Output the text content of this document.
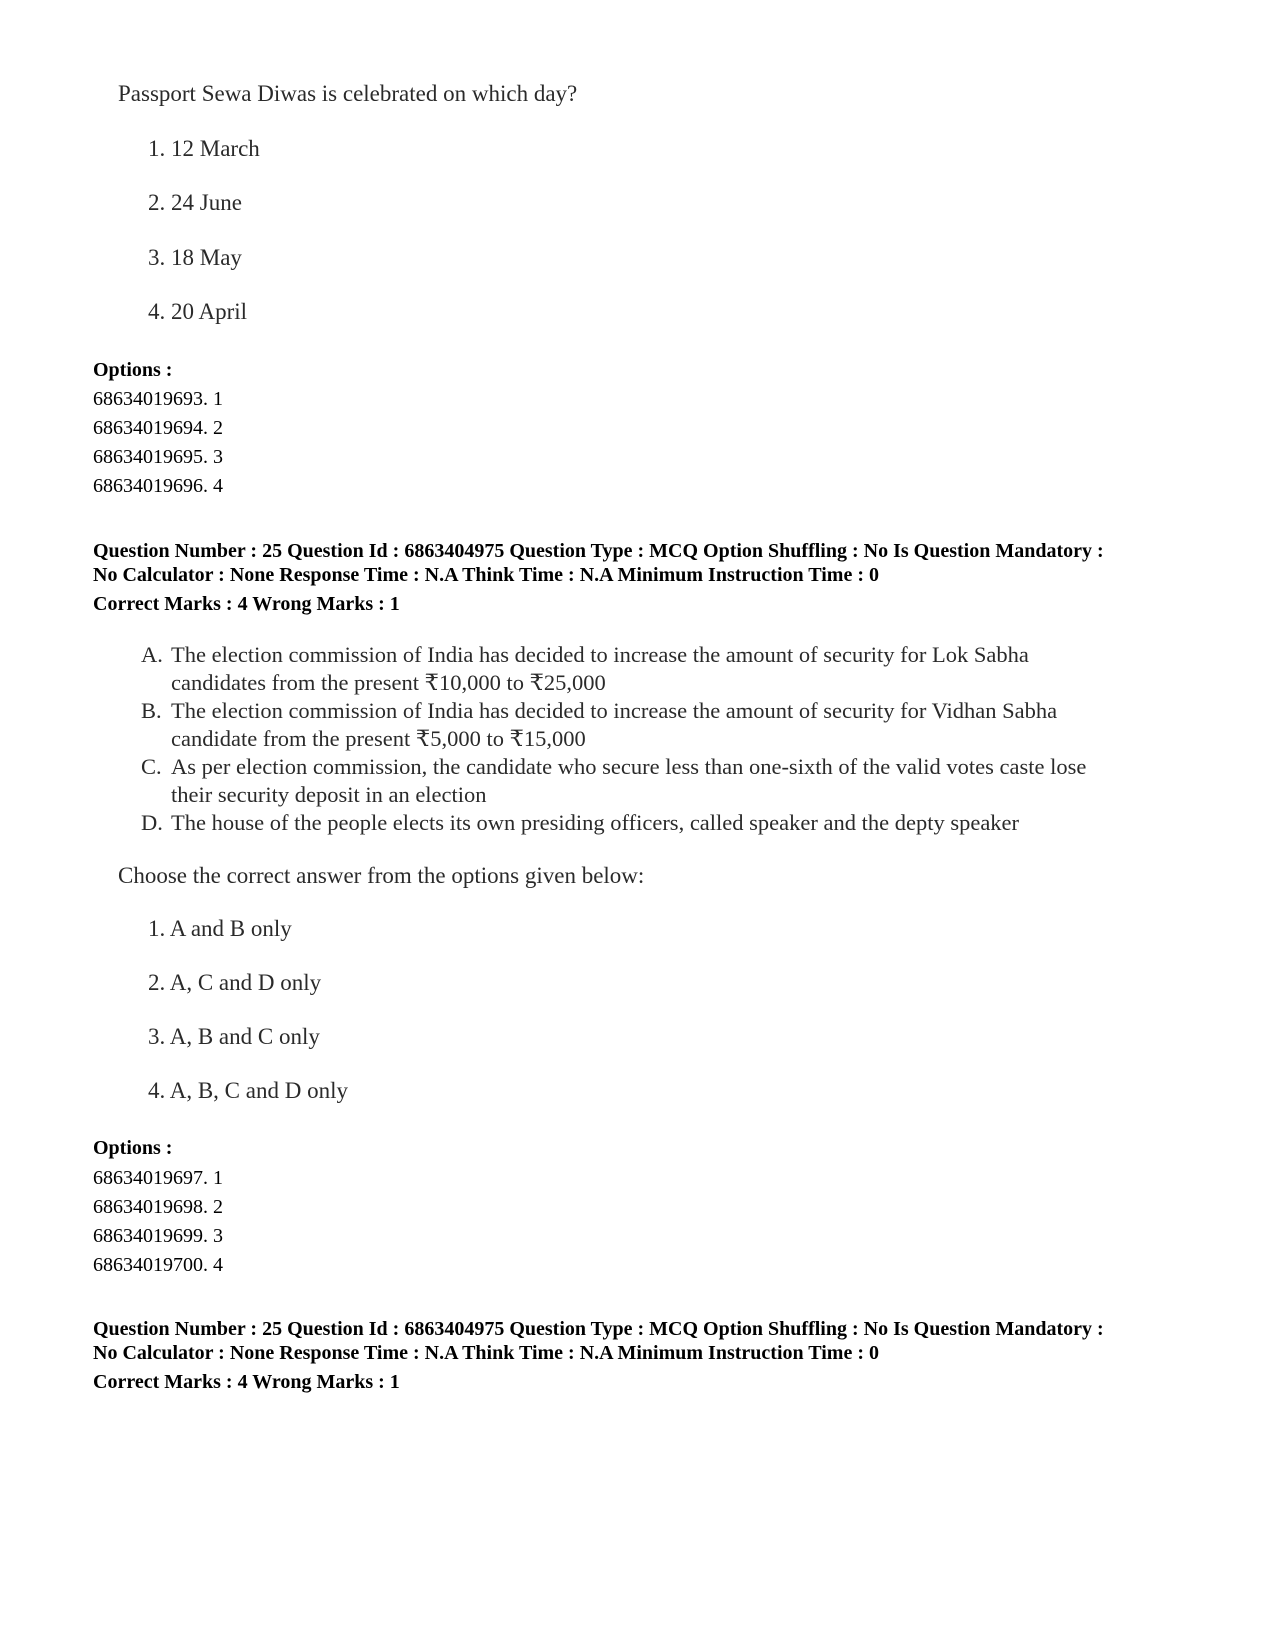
Passport Sewa Diwas is celebrated on which day?
1. 12 March
2. 24 June
3. 18 May
4. 20 April
Options :
68634019693. 1
68634019694. 2
68634019695. 3
68634019696. 4
Question Number : 25 Question Id : 6863404975 Question Type : MCQ Option Shuffling : No Is Question Mandatory :
No Calculator : None Response Time : N.A Think Time : N.A Minimum Instruction Time : 0
Correct Marks : 4 Wrong Marks : 1
A. The election commission of India has decided to increase the amount of security for Lok Sabha
candidates from the present ₹10,000 to ₹25,000
B. The election commission of India has decided to increase the amount of security for Vidhan Sabha
candidate from the present ₹5,000 to ₹15,000
C. As per election commission, the candidate who secure less than one-sixth of the valid votes caste lose
their security deposit in an election
D. The house of the people elects its own presiding officers, called speaker and the depty speaker
Choose the correct answer from the options given below:
1. A and B only
2. A, C and D only
3. A, B and C only
4. A, B, C and D only
Options :
68634019697. 1
68634019698. 2
68634019699. 3
68634019700. 4
Question Number : 25 Question Id : 6863404975 Question Type : MCQ Option Shuffling : No Is Question Mandatory :
No Calculator : None Response Time : N.A Think Time : N.A Minimum Instruction Time : 0
Correct Marks : 4 Wrong Marks : 1
